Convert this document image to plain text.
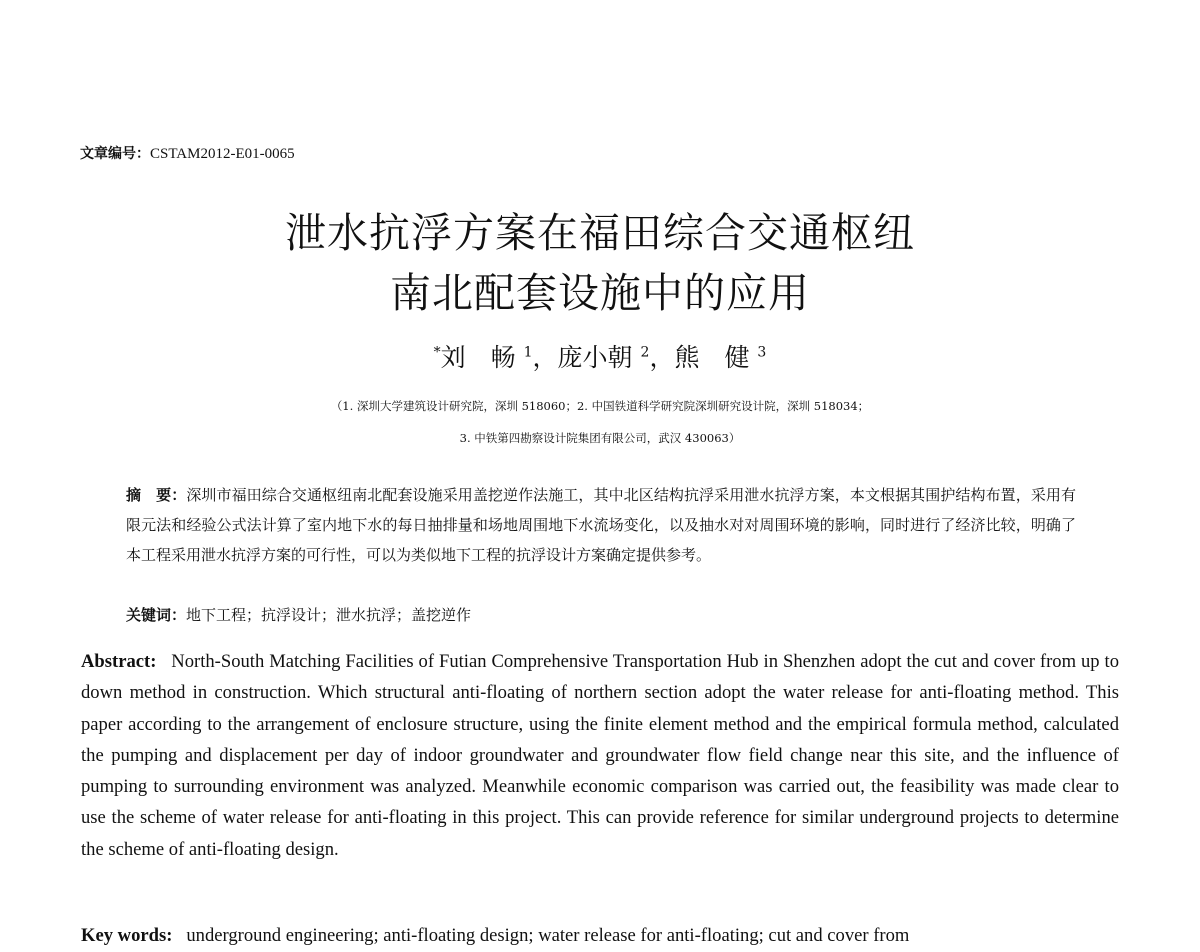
文章编号：CSTAM2012-E01-0065
泄水抗浮方案在福田综合交通枢纽
南北配套设施中的应用
*刘　畅 $^1$，庞小朝 $^2$，熊　健 $^3$
（1. 深圳大学建筑设计研究院，深圳 518060；2. 中国铁道科学研究院深圳研究设计院，深圳 518034；
3. 中铁第四勘察设计院集团有限公司，武汉 430063）
摘　要：深圳市福田综合交通枢纽南北配套设施采用盖挖逆作法施工，其中北区结构抗浮采用泄水抗浮方案，本文根据其围护结构布置，采用有限元法和经验公式法计算了室内地下水的每日抽排量和场地周围地下水流场变化，以及抽水对对周围环境的影响，同时进行了经济比较，明确了本工程采用泄水抗浮方案的可行性，可以为类似地下工程的抗浮设计方案确定提供参考。
关键词：地下工程；抗浮设计；泄水抗浮；盖挖逆作
Abstract: North-South Matching Facilities of Futian Comprehensive Transportation Hub in Shenzhen adopt the cut and cover from up to down method in construction. Which structural anti-floating of northern section adopt the water release for anti-floating method. This paper according to the arrangement of enclosure structure, using the finite element method and the empirical formula method, calculated the pumping and displacement per day of indoor groundwater and groundwater flow field change near this site, and the influence of pumping to surrounding environment was analyzed. Meanwhile economic comparison was carried out, the feasibility was made clear to use the scheme of water release for anti-floating in this project. This can provide reference for similar underground projects to determine the scheme of anti-floating design.
Key words: underground engineering; anti-floating design; water release for anti-floating; cut and cover from
